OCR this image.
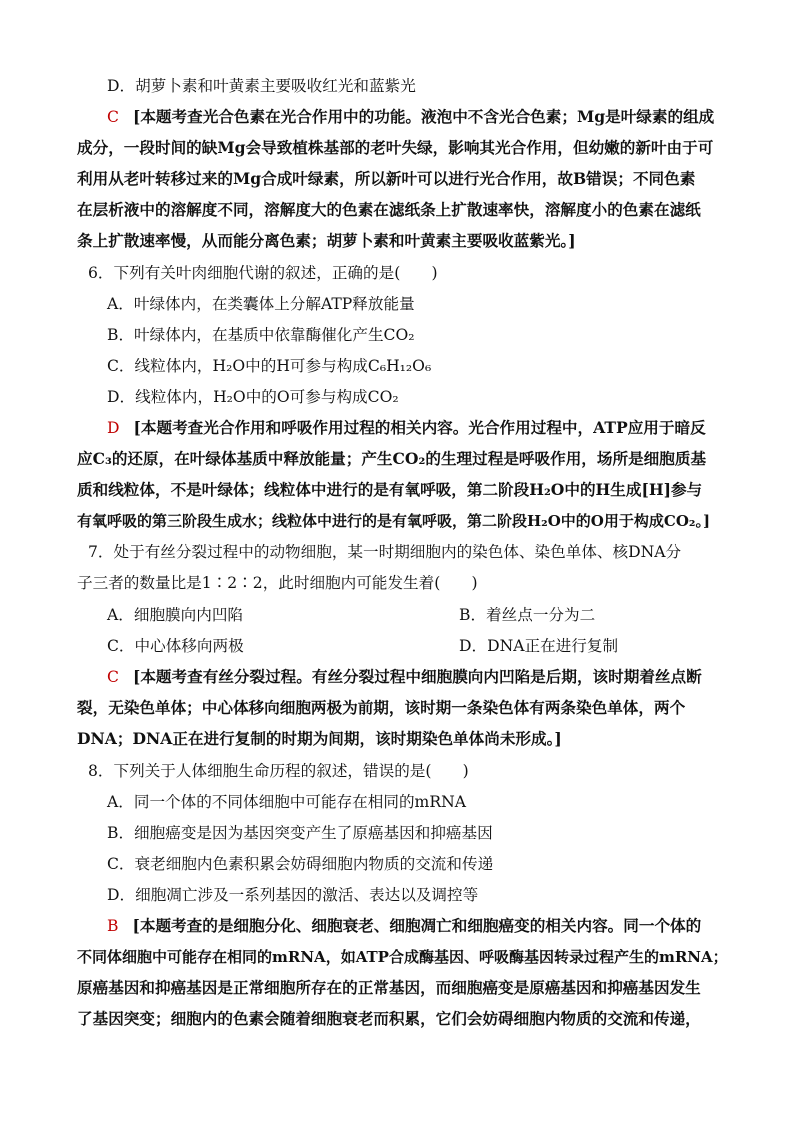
D．胡萝卜素和叶黄素主要吸收红光和蓝紫光
C [本题考查光合色素在光合作用中的功能。液泡中不含光合色素；Mg是叶绿素的组成
成分，一段时间的缺Mg会导致植株基部的老叶失绿，影响其光合作用，但幼嫩的新叶由于可
利用从老叶转移过来的Mg合成叶绿素，所以新叶可以进行光合作用，故B错误；不同色素
在层析液中的溶解度不同，溶解度大的色素在滤纸条上扩散速率快，溶解度小的色素在滤纸
条上扩散速率慢，从而能分离色素；胡萝卜素和叶黄素主要吸收蓝紫光。]
6．下列有关叶肉细胞代谢的叙述，正确的是(　　)
A．叶绿体内，在类囊体上分解ATP释放能量
B．叶绿体内，在基质中依靠酶催化产生CO₂
C．线粒体内，H₂O中的H可参与构成C₆H₁₂O₆
D．线粒体内，H₂O中的O可参与构成CO₂
D [本题考查光合作用和呼吸作用过程的相关内容。光合作用过程中，ATP应用于暗反
应C₃的还原，在叶绿体基质中释放能量；产生CO₂的生理过程是呼吸作用，场所是细胞质基
质和线粒体，不是叶绿体；线粒体中进行的是有氧呼吸，第二阶段H₂O中的H生成[H]参与
有氧呼吸的第三阶段生成水；线粒体中进行的是有氧呼吸，第二阶段H₂O中的O用于构成CO₂。]
7．处于有丝分裂过程中的动物细胞，某一时期细胞内的染色体、染色单体、核DNA分
子三者的数量比是1∶2∶2，此时细胞内可能发生着(　　)
A．细胞膜向内凹陷	B．着丝点一分为二
C．中心体移向两极	D．DNA正在进行复制
C [本题考查有丝分裂过程。有丝分裂过程中细胞膜向内凹陷是后期，该时期着丝点断
裂，无染色单体；中心体移向细胞两极为前期，该时期一条染色体有两条染色单体，两个
DNA；DNA正在进行复制的时期为间期，该时期染色单体尚未形成。]
8．下列关于人体细胞生命历程的叙述，错误的是(　　)
A．同一个体的不同体细胞中可能存在相同的mRNA
B．细胞癌变是因为基因突变产生了原癌基因和抑癌基因
C．衰老细胞内色素积累会妨碍细胞内物质的交流和传递
D．细胞凋亡涉及一系列基因的激活、表达以及调控等
B [本题考查的是细胞分化、细胞衰老、细胞凋亡和细胞癌变的相关内容。同一个体的
不同体细胞中可能存在相同的mRNA，如ATP合成酶基因、呼吸酶基因转录过程产生的mRNA；
原癌基因和抑癌基因是正常细胞所存在的正常基因，而细胞癌变是原癌基因和抑癌基因发生
了基因突变；细胞内的色素会随着细胞衰老而积累，它们会妨碍细胞内物质的交流和传递，
